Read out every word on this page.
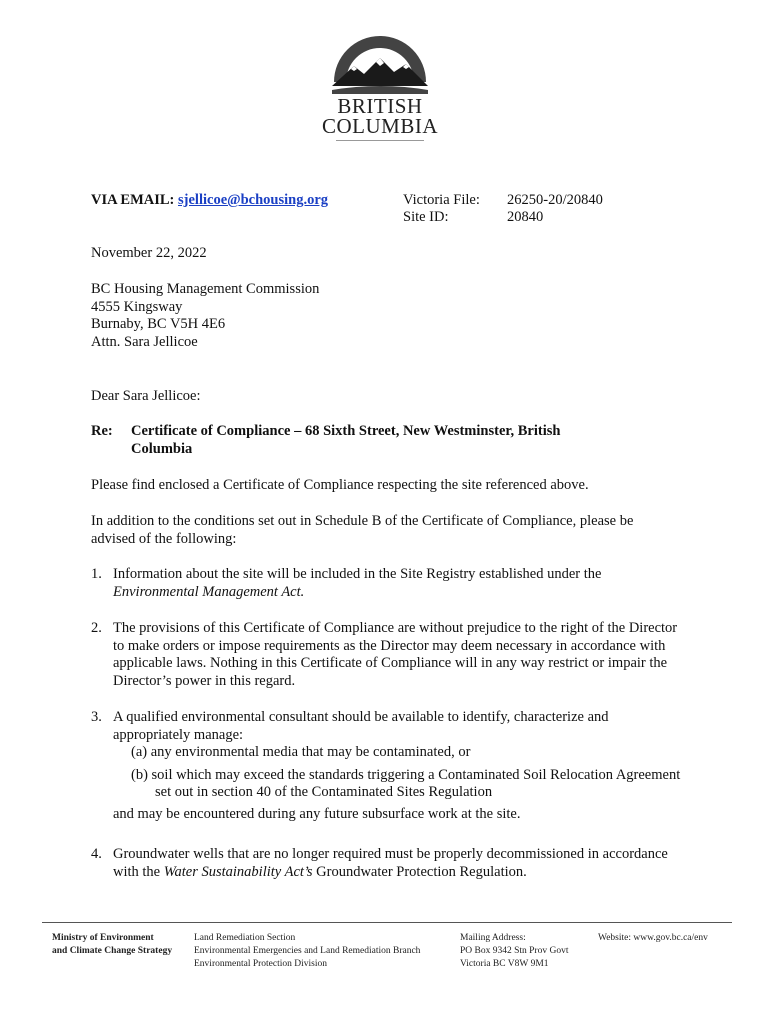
BRITISH
COLUMBIA
VIA EMAIL: sjellicoe@bchousing.org	Victoria File: 26250-20/20840
Site ID:	20840
November 22, 2022
BC Housing Management Commission
4555 Kingsway
Burnaby, BC V5H 4E6
Attn. Sara Jellicoe
Dear Sara Jellicoe:
Re: Certificate of Compliance – 68 Sixth Street, New Westminster, British
Columbia
Please find enclosed a Certificate of Compliance respecting the site referenced above.
In addition to the conditions set out in Schedule B of the Certificate of Compliance, please be
advised of the following:
1. Information about the site will be included in the Site Registry established under the
Environmental Management Act.
2. The provisions of this Certificate of Compliance are without prejudice to the right of the Director
to make orders or impose requirements as the Director may deem necessary in accordance with
applicable laws. Nothing in this Certificate of Compliance will in any way restrict or impair the
Director’s power in this regard.
3. A qualified environmental consultant should be available to identify, characterize and
appropriately manage:
(a) any environmental media that may be contaminated, or
(b) soil which may exceed the standards triggering a Contaminated Soil Relocation Agreement
set out in section 40 of the Contaminated Sites Regulation
and may be encountered during any future subsurface work at the site.
4. Groundwater wells that are no longer required must be properly decommissioned in accordance
with the Water Sustainability Act’s Groundwater Protection Regulation.
Ministry of Environment
and Climate Change Strategy
Land Remediation Section
Environmental Emergencies and Land Remediation Branch
Environmental Protection Division
Mailing Address:
PO Box 9342 Stn Prov Govt
Victoria BC V8W 9M1
Website: www.gov.bc.ca/env
